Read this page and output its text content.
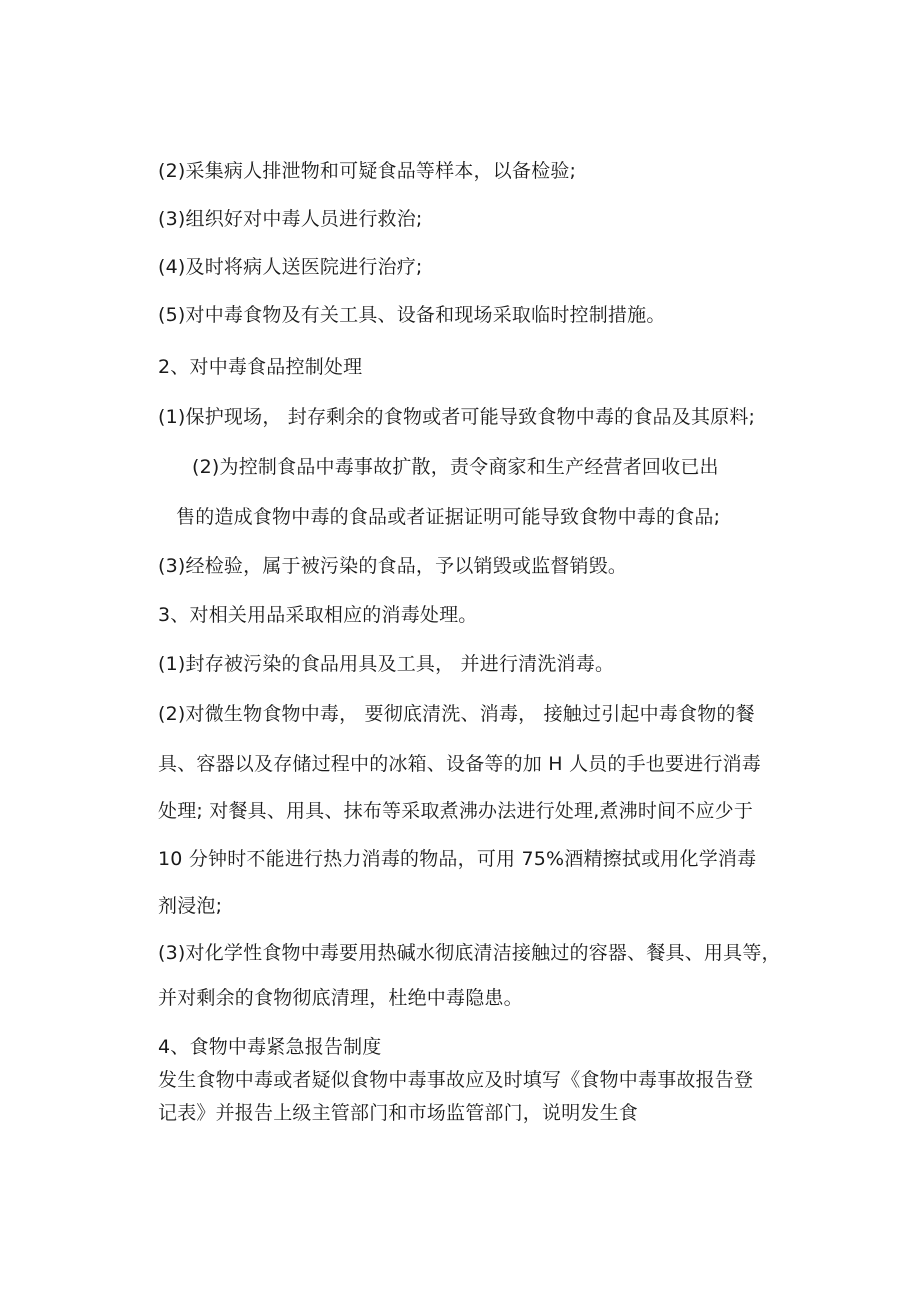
(2)采集病人排泄物和可疑食品等样本，以备检验;

(3)组织好对中毒人员进行救治;

(4)及时将病人送医院进行治疗;

(5)对中毒食物及有关工具、设备和现场采取临时控制措施。

2、对中毒食品控制处理

(1)保护现场， 封存剩余的食物或者可能导致食物中毒的食品及其原料;

(2)为控制食品中毒事故扩散，责令商家和生产经营者回收已出

售的造成食物中毒的食品或者证据证明可能导致食物中毒的食品;

(3)经检验，属于被污染的食品，予以销毁或监督销毁。

3、对相关用品采取相应的消毒处理。

(1)封存被污染的食品用具及工具， 并进行清洗消毒。

(2)对微生物食物中毒， 要彻底清洗、消毒， 接触过引起中毒食物的餐

具、容器以及存储过程中的冰箱、设备等的加 H 人员的手也要进行消毒

处理; 对餐具、用具、抹布等采取煮沸办法进行处理,煮沸时间不应少于

10 分钟时不能进行热力消毒的物品，可用 75%酒精擦拭或用化学消毒

剂浸泡;

(3)对化学性食物中毒要用热碱水彻底清洁接触过的容器、餐具、用具等，

并对剩余的食物彻底清理，杜绝中毒隐患。

4、食物中毒紧急报告制度

发生食物中毒或者疑似食物中毒事故应及时填写《食物中毒事故报告登

记表》并报告上级主管部门和市场监管部门，说明发生食
